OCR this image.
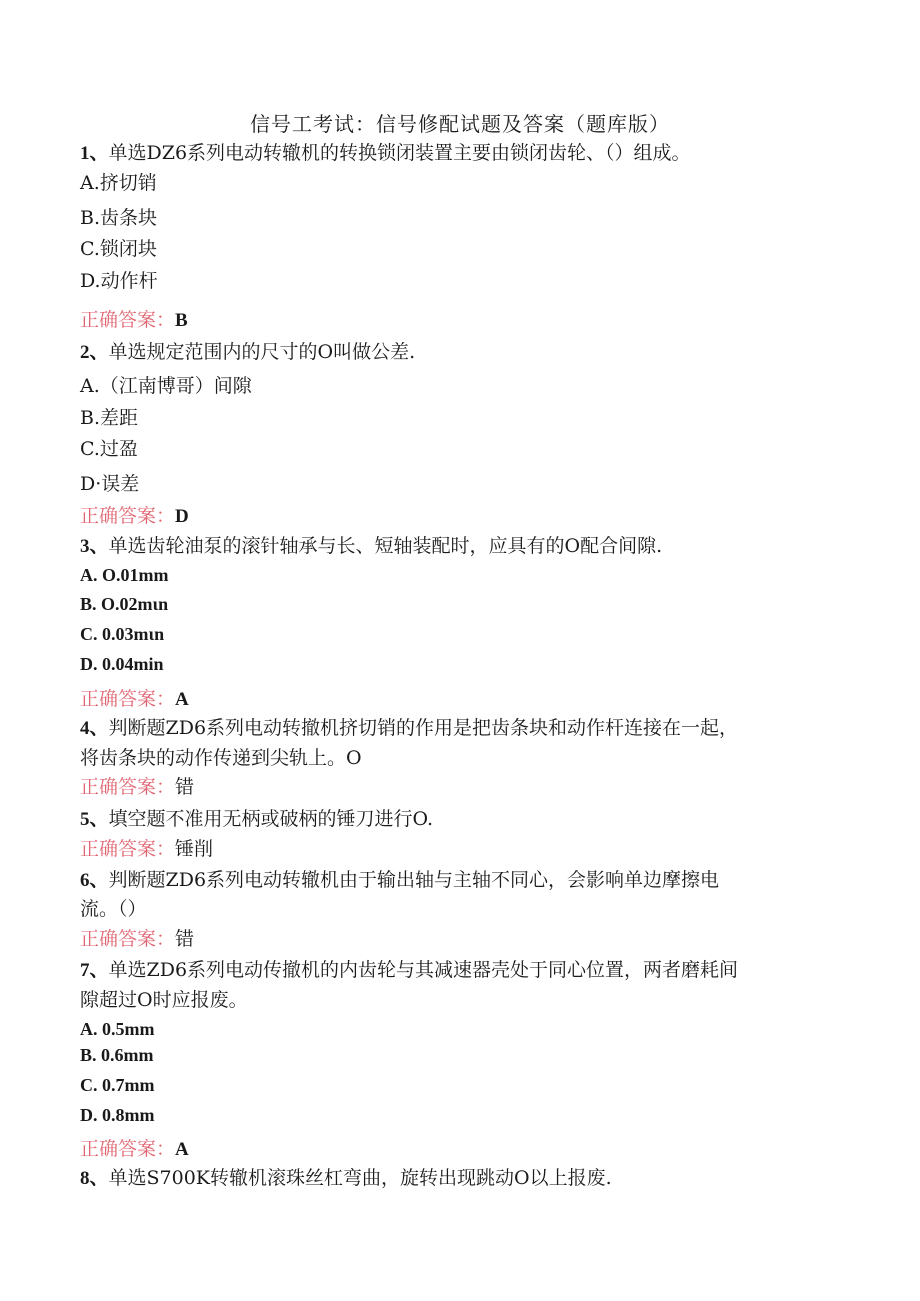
信号工考试：信号修配试题及答案（题库版）
1、单选DZ6系列电动转辙机的转换锁闭装置主要由锁闭齿轮、（）组成。
A.挤切销
B.齿条块
C.锁闭块
D.动作杆
正确答案：B
2、单选规定范围内的尺寸的O叫做公差.
A.（江南博哥）间隙
B.差距
C.过盈
D·误差
正确答案：D
3、单选齿轮油泵的滚针轴承与长、短轴装配时，应具有的O配合间隙.
A. O.01mm
B. O.02mιn
C. 0.03mιn
D. 0.04min
正确答案：A
4、判断题ZD6系列电动转撤机挤切销的作用是把齿条块和动作杆连接在一起，
将齿条块的动作传递到尖轨上。O
正确答案：错
5、填空题不准用无柄或破柄的锤刀进行O.
正确答案：锤削
6、判断题ZD6系列电动转辙机由于输出轴与主轴不同心，会影响单边摩擦电
流。（）
正确答案：错
7、单选ZD6系列电动传撤机的内齿轮与其减速器壳处于同心位置，两者磨耗间
隙超过O时应报废。
A. 0.5mm
B. 0.6mm
C. 0.7mm
D. 0.8mm
正确答案：A
8、单选S700K转辙机滚珠丝杠弯曲，旋转出现跳动O以上报废.
